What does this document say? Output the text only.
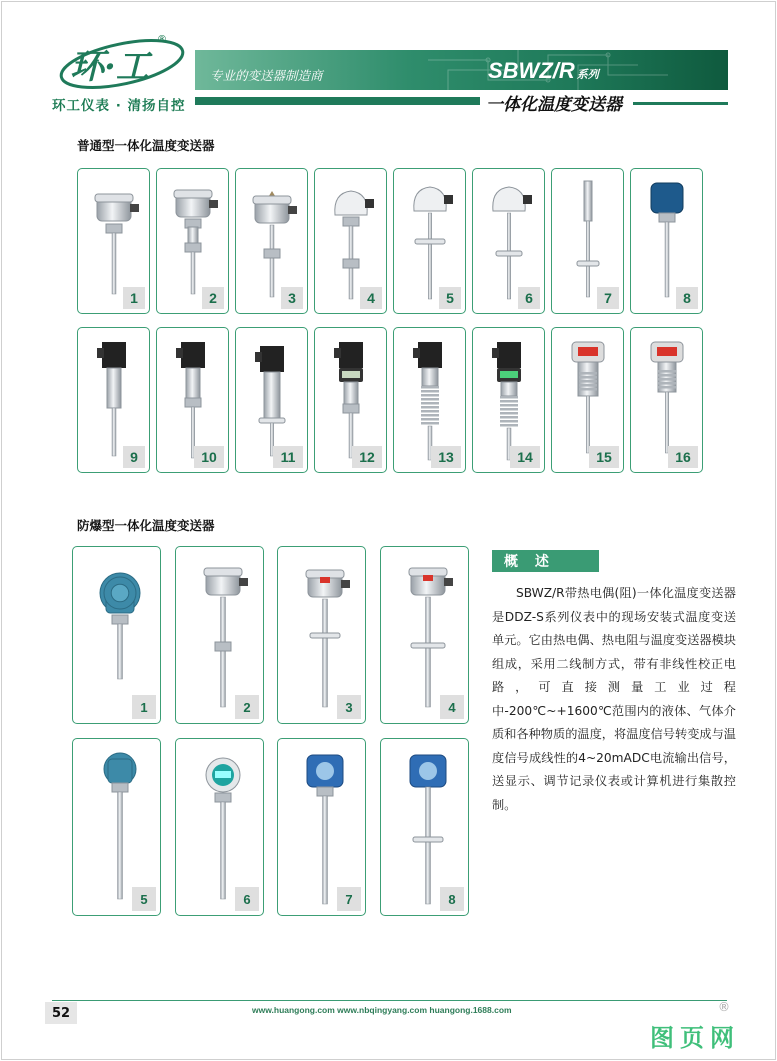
环·工
®
环工仪表 · 清扬自控
专业的变送器制造商	SBWZ/R 系列
一体化温度变送器
普通型一体化温度变送器
1	2	3	4	5	6	7	8
9	10	11	12	13	14	15	16
防爆型一体化温度变送器
1	2	3	4
5	6	7	8
概 述
SBWZ/R带热电偶(阻)一体化温度变送器是DDZ-S系列仪表中的现场安装式温度变送单元。它由热电偶、热电阻与温度变送器模块组成，采用二线制方式，带有非线性校正电路，可直接测量工业过程中-200℃~+1600℃范围内的液体、气体介质和各种物质的温度，将温度信号转变成与温度信号成线性的4~20mADC电流输出信号，送显示、调节记录仪表或计算机进行集散控制。
52	www.huangong.com www.nbqingyang.com huangong.1688.com	®
图页网
